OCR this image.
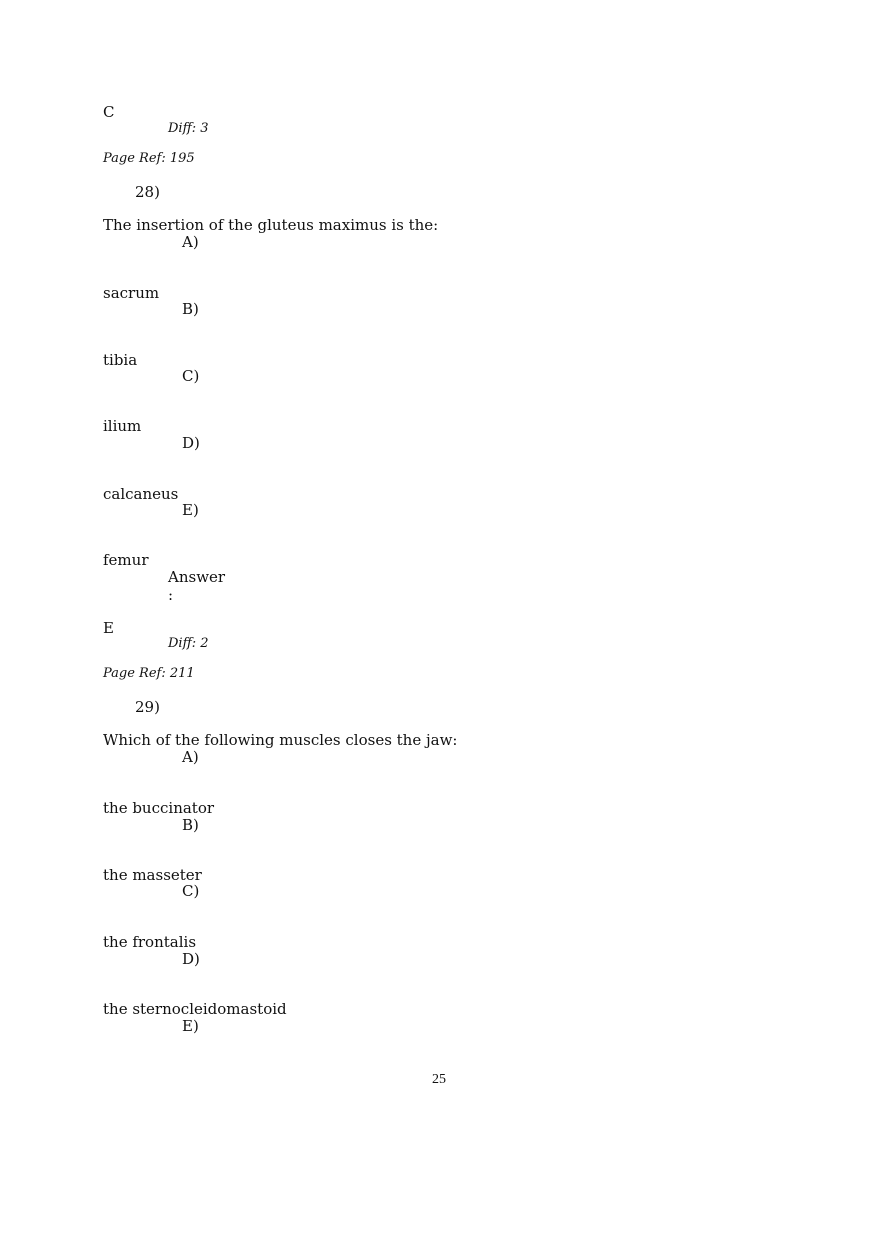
C
Diff: 3
Page Ref: 195
28)
The insertion of the gluteus maximus is the:
A)
sacrum
B)
tibia
C)
ilium
D)
calcaneus
E)
femur
Answer
:
E
Diff: 2
Page Ref: 211
29)
Which of the following muscles closes the jaw:
A)
the buccinator
B)
the masseter
C)
the frontalis
D)
the sternocleidomastoid
E)
25
